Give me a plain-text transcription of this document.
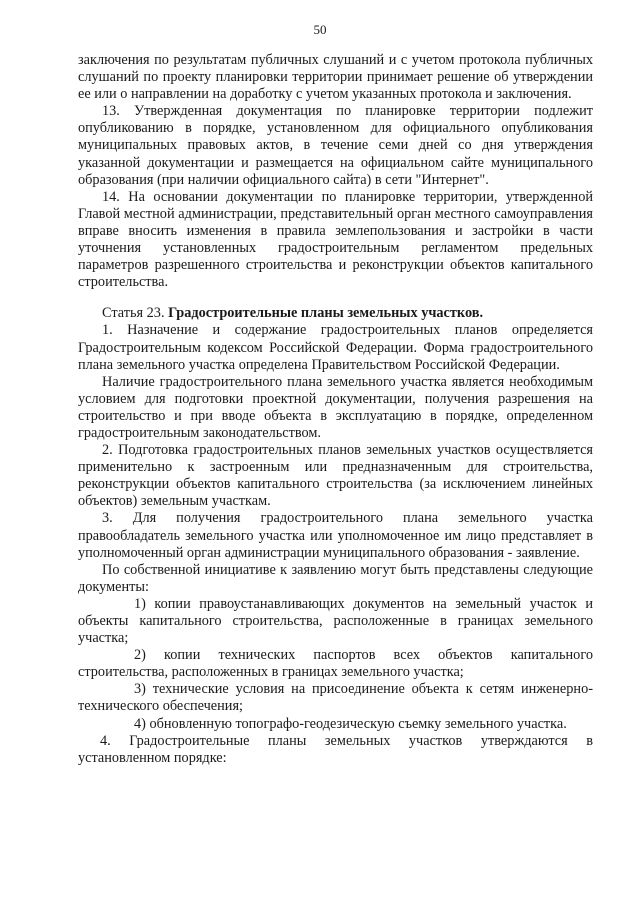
50

заключения по результатам публичных слушаний и с учетом протокола публичных слушаний по проекту планировки территории принимает решение об утверждении ее или о направлении на доработку с учетом указанных протокола и заключения.

13. Утвержденная документация по планировке территории подлежит опубликованию в порядке, установленном для официального опубликования муниципальных правовых актов, в течение семи дней со дня утверждения указанной документации и размещается на официальном сайте муниципального образования (при наличии официального сайта) в сети "Интернет".

14. На основании документации по планировке территории, утвержденной Главой местной администрации, представительный орган местного самоуправления вправе вносить изменения в правила землепользования и застройки в части уточнения установленных градостроительным регламентом предельных параметров разрешенного строительства и реконструкции объектов капитального строительства.

Статья 23. Градостроительные планы земельных участков.

1. Назначение и содержание градостроительных планов определяется Градостроительным кодексом Российской Федерации. Форма градостроительного плана земельного участка определена Правительством Российской Федерации.

Наличие градостроительного плана земельного участка является необходимым условием для подготовки проектной документации, получения разрешения на строительство и при вводе объекта в эксплуатацию в порядке, определенном градостроительным законодательством.

2. Подготовка градостроительных планов земельных участков осуществляется применительно к застроенным или предназначенным для строительства, реконструкции объектов капитального строительства (за исключением линейных объектов) земельным участкам.

3. Для получения градостроительного плана земельного участка правообладатель земельного участка или уполномоченное им лицо представляет в уполномоченный орган администрации муниципального образования - заявление.

По собственной инициативе к заявлению могут быть представлены следующие документы:

1) копии правоустанавливающих документов на земельный участок и объекты капитального строительства, расположенные в границах земельного участка;

2) копии технических паспортов всех объектов капитального строительства, расположенных в границах земельного участка;

3) технические условия на присоединение объекта к сетям инженерно-технического обеспечения;

4) обновленную топографо-геодезическую съемку земельного участка.

4. Градостроительные планы земельных участков утверждаются в установленном порядке:
